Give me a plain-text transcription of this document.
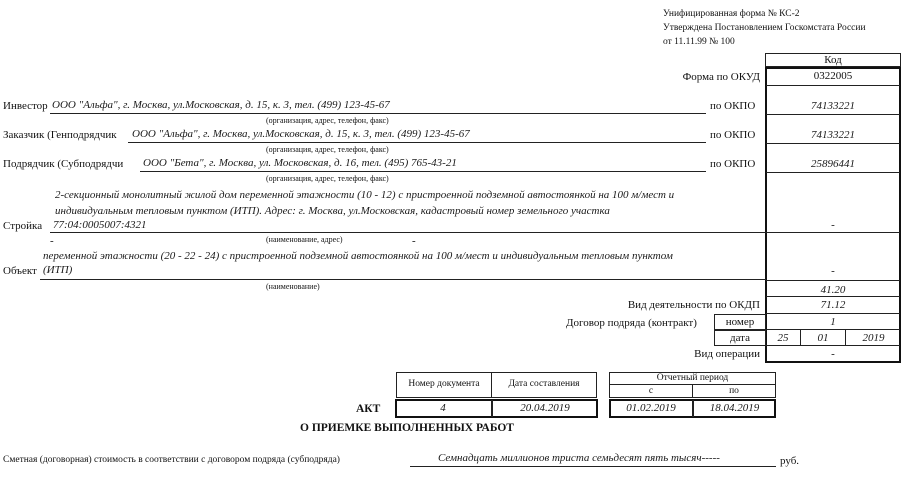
Унифицированная форма № КС-2
Утверждена Постановлением Госкомстата России
от 11.11.99 № 100
Код
Форма по ОКУД	0322005
Инвестор ООО "Альфа", г. Москва, ул.Московская, д. 15, к. 3, тел. (499) 123-45-67
(организация, адрес, телефон, факс)
по ОКПО	74133221
Заказчик (Генподрядчик ООО "Альфа", г. Москва, ул.Московская, д. 15, к. 3, тел. (499) 123-45-67
(организация, адрес, телефон, факс)
по ОКПО	74133221
Подрядчик (Субподрядчи ООО "Бета", г. Москва, ул. Московская, д. 16, тел. (495) 765-43-21
(организация, адрес, телефон, факс)
по ОКПО	25896441
2-секционный монолитный жилой дом переменной этажности (10 - 12) с пристроенной подземной автостоянкой на 100 м/мест и
индивидуальным тепловым пунктом (ИТП). Адрес: г. Москва, ул.Московская, кадастровый номер земельного участка
Стройка 77:04:0005007:4321	-
(наименование, адрес)
-	-
переменной этажности (20 - 22 - 24) с пристроенной подземной автостоянкой на 100 м/мест и индивидуальным тепловым пунктом
Объект (ИТП)	-
(наименование)	41.20
Вид деятельности по ОКДП	71.12
Договор подряда (контракт)	номер	1
дата	25	01	2019
Вид операции	-
Номер документа	Дата составления
Отчетный период
с	по
АКТ	4	20.04.2019	01.02.2019	18.04.2019
О ПРИЕМКЕ ВЫПОЛНЕННЫХ РАБОТ
Сметная (договорная) стоимость в соответствии с договором подряда (субподряда)	Семнадцать миллионов триста семьдесят пять тысяч-----	руб.
